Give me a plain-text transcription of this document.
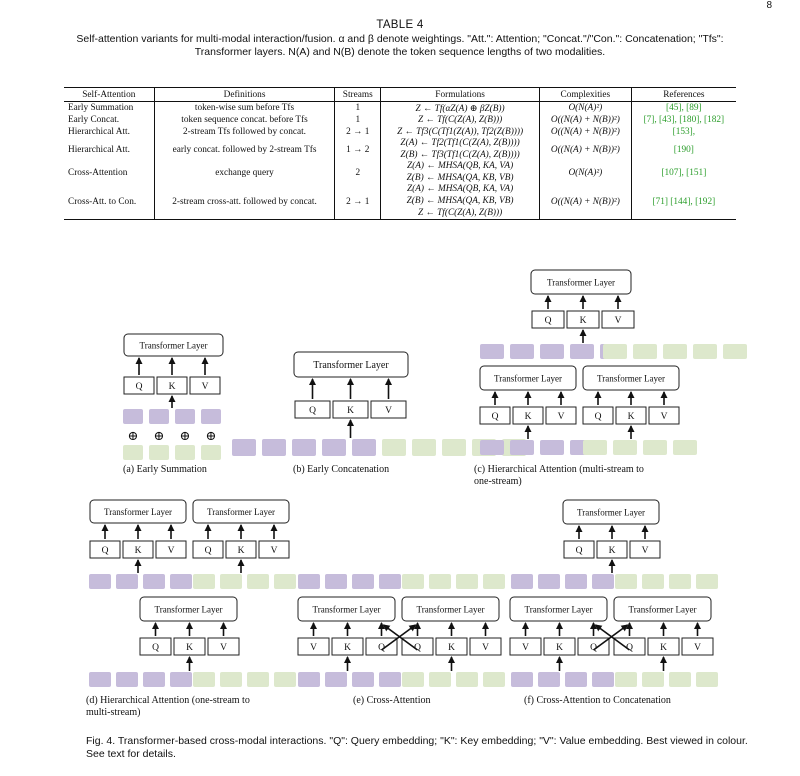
8
TABLE 4
Self-attention variants for multi-modal interaction/fusion. α and β denote weightings. "Att.": Attention; "Concat."/"Con.": Concatenation; "Tfs": Transformer layers. N(A) and N(B) denote the token sequence lengths of two modalities.
Self-Attention	Definitions	Streams	Formulations	Complexities	References
Early Summation	token-wise sum before Tfs	1	Z ← Tf(αZ(A) ⊕ βZ(B))	O(N(A)²)	[45], [89]
Early Concat.	token sequence concat. before Tfs	1	Z ← Tf(C(Z(A), Z(B)))	O((N(A) + N(B))²)	[7], [43], [180], [182]
Hierarchical Att.	2-stream Tfs followed by concat.	2 → 1	Z ← Tf3(C(Tf1(Z(A)), Tf2(Z(B))))	O((N(A) + N(B))²)	[153],
Hierarchical Att.	early concat. followed by 2-stream Tfs	1 → 2	Z(A) ← Tf2(Tf1(C(Z(A), Z(B))))
Z(B) ← Tf3(Tf1(C(Z(A), Z(B))))	O((N(A) + N(B))²)	[190]
Cross-Attention	exchange query	2	Z(A) ← MHSA(QB, KA, VA)
Z(B) ← MHSA(QA, KB, VB)	O(N(A)²)	[107], [151]
Cross-Att. to Con.	2-stream cross-att. followed by concat.	2 → 1	Z(A) ← MHSA(QB, KA, VA)
Z(B) ← MHSA(QA, KB, VB)
Z ← Tf(C(Z(A), Z(B)))	O((N(A) + N(B))²)	[71] [144], [192]
Transformer Layer
Q	K	V
⊕ ⊕ ⊕ ⊕
(a) Early Summation
Transformer Layer
Q	K	V
(b) Early Concatenation
Transformer Layer
Q	K	V
Transformer Layer
Q	K	V
Transformer Layer
Q	K	V
(c) Hierarchical Attention (multi-stream to
one-stream)
Transformer Layer
Q	K	V
Transformer Layer
Q	K	V
Transformer Layer
Q	K	V
(d) Hierarchical Attention (one-stream to
multi-stream)
Transformer Layer
V	K	Q
Transformer Layer
Q	K	V
(e) Cross-Attention
Transformer Layer
Q	K	V
Transformer Layer
V	K	Q
Transformer Layer
Q	K	V
(f) Cross-Attention to Concatenation
Fig. 4. Transformer-based cross-modal interactions. "Q": Query embedding; "K": Key embedding; "V": Value embedding. Best viewed in colour. See text for details.
